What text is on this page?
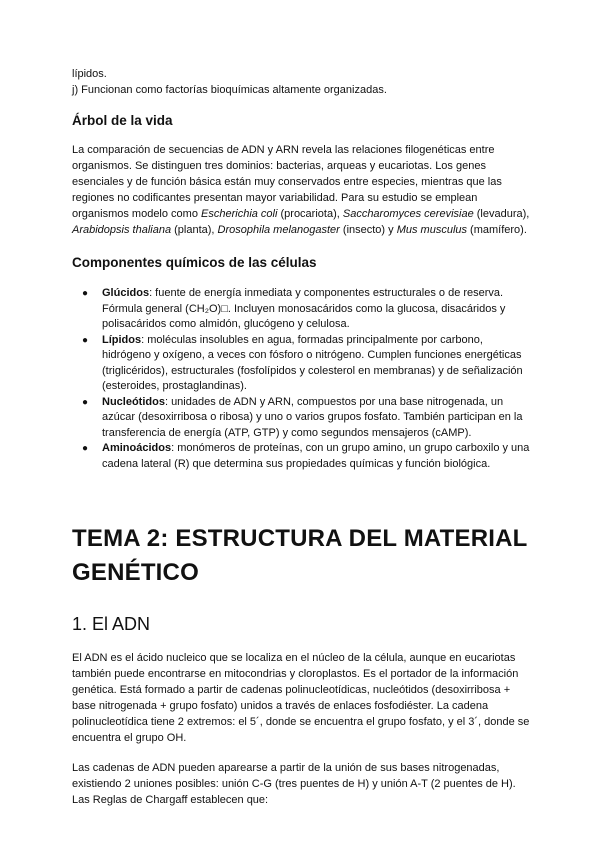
lípidos.

j) Funcionan como factorías bioquímicas altamente organizadas.

Árbol de la vida

La comparación de secuencias de ADN y ARN revela las relaciones filogenéticas entre organismos. Se distinguen tres dominios: bacterias, arqueas y eucariotas. Los genes esenciales y de función básica están muy conservados entre especies, mientras que las regiones no codificantes presentan mayor variabilidad. Para su estudio se emplean organismos modelo como Escherichia coli (procariota), Saccharomyces cerevisiae (levadura), Arabidopsis thaliana (planta), Drosophila melanogaster (insecto) y Mus musculus (mamífero).

Componentes químicos de las células
● Glúcidos: fuente de energía inmediata y componentes estructurales o de reserva. Fórmula general (CH₂O)□. Incluyen monosacáridos como la glucosa, disacáridos y polisacáridos como almidón, glucógeno y celulosa.
● Lípidos: moléculas insolubles en agua, formadas principalmente por carbono, hidrógeno y oxígeno, a veces con fósforo o nitrógeno. Cumplen funciones energéticas (triglicéridos), estructurales (fosfolípidos y colesterol en membranas) y de señalización (esteroides, prostaglandinas).
● Nucleótidos: unidades de ADN y ARN, compuestos por una base nitrogenada, un azúcar (desoxirribosa o ribosa) y uno o varios grupos fosfato. También participan en la transferencia de energía (ATP, GTP) y como segundos mensajeros (cAMP).
● Aminoácidos: monómeros de proteínas, con un grupo amino, un grupo carboxilo y una cadena lateral (R) que determina sus propiedades químicas y función biológica.
TEMA 2: ESTRUCTURA DEL MATERIAL GENÉTICO
1. El ADN

El ADN es el ácido nucleico que se localiza en el núcleo de la célula, aunque en eucariotas también puede encontrarse en mitocondrias y cloroplastos. Es el portador de la información genética. Está formado a partir de cadenas polinucleotídicas, nucleótidos (desoxirribosa + base nitrogenada + grupo fosfato) unidos a través de enlaces fosfodiéster. La cadena polinucleotídica tiene 2 extremos: el 5´, donde se encuentra el grupo fosfato, y el 3´, donde se encuentra el grupo OH.

Las cadenas de ADN pueden aparearse a partir de la unión de sus bases nitrogenadas, existiendo 2 uniones posibles: unión C-G (tres puentes de H) y unión A-T (2 puentes de H). Las Reglas de Chargaff establecen que:
